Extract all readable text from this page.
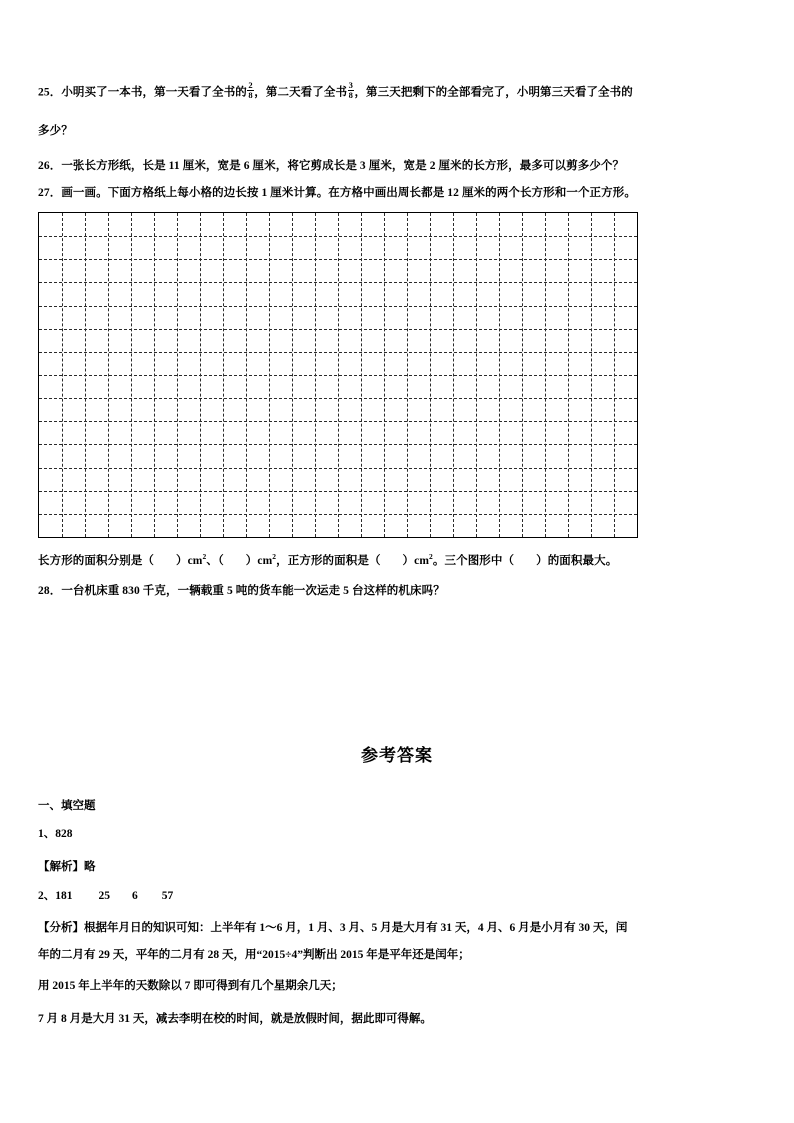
25．小明买了一本书，第一天看了全书的 $\frac{2}{8}$ ，第二天看了全书 $\frac{3}{8}$ ，第三天把剩下的全部看完了，小明第三天看了全书的
多少？
26．一张长方形纸，长是 11 厘米，宽是 6 厘米，将它剪成长是 3 厘米，宽是 2 厘米的长方形，最多可以剪多少个？
27．画一画。下面方格纸上每小格的边长按 1 厘米计算。在方格中画出周长都是 12 厘米的两个长方形和一个正方形。
长方形的面积分别是（ ）$cm^2$、（ ）$cm^2$，正方形的面积是（ ）$cm^2$。三个图形中（ ）的面积最大。
28．一台机床重 830 千克，一辆载重 5 吨的货车能一次运走 5 台这样的机床吗？
参考答案
一、填空题
1、828
【解析】略
2、181 25 6 57
【分析】根据年月日的知识可知：上半年有 1～6 月，1 月、3 月、5 月是大月有 31 天，4 月、6 月是小月有 30 天，闰
年的二月有 29 天，平年的二月有 28 天，用“2015÷4”判断出 2015 年是平年还是闰年；
用 2015 年上半年的天数除以 7 即可得到有几个星期余几天；
7 月 8 月是大月 31 天，减去李明在校的时间，就是放假时间，据此即可得解。
